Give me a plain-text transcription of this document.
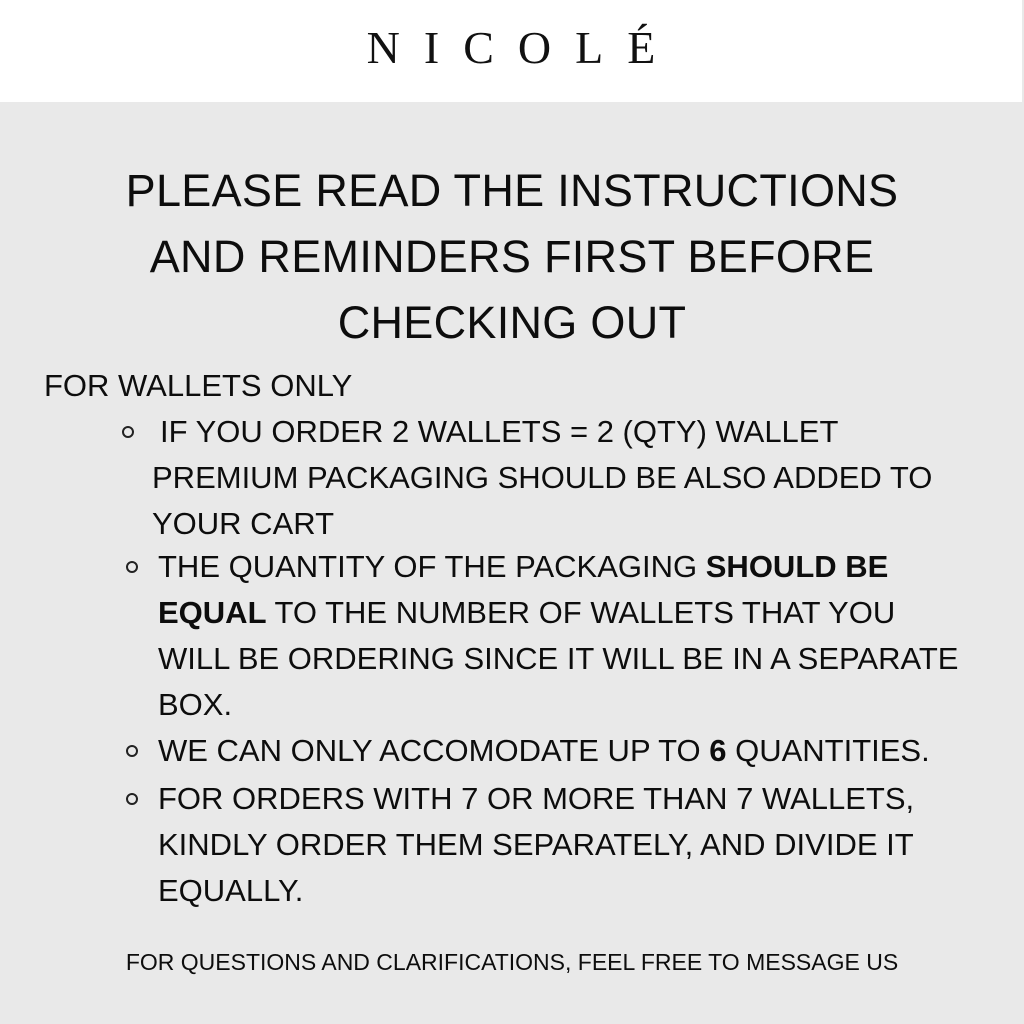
NICOLÉ
PLEASE READ THE INSTRUCTIONS
AND REMINDERS FIRST BEFORE
CHECKING OUT
FOR WALLETS ONLY
IF YOU ORDER 2 WALLETS = 2 (QTY) WALLET
PREMIUM PACKAGING SHOULD BE ALSO ADDED TO
YOUR CART
THE QUANTITY OF THE PACKAGING SHOULD BE
EQUAL TO THE NUMBER OF WALLETS THAT YOU
WILL BE ORDERING SINCE IT WILL BE IN A SEPARATE
BOX.
WE CAN ONLY ACCOMODATE UP TO 6 QUANTITIES.
FOR ORDERS WITH 7 OR MORE THAN 7 WALLETS,
KINDLY ORDER THEM SEPARATELY, AND DIVIDE IT
EQUALLY.
FOR QUESTIONS AND CLARIFICATIONS, FEEL FREE TO MESSAGE US
